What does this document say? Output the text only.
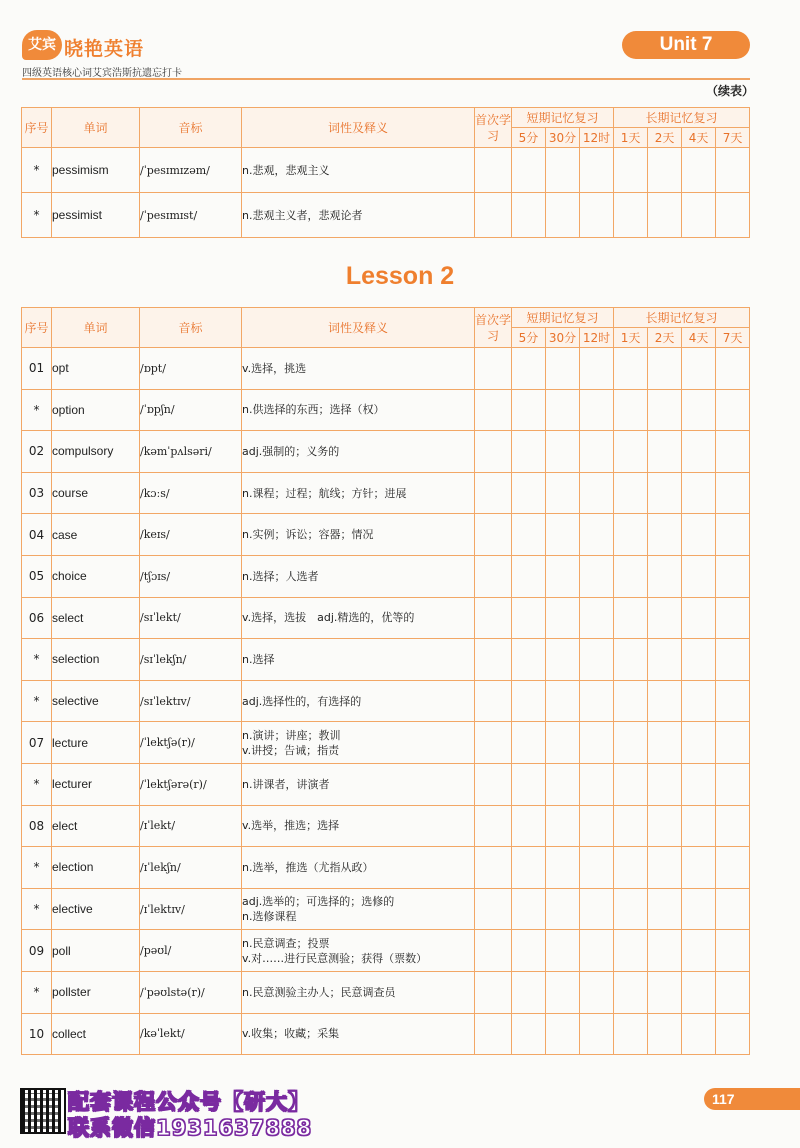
艾宾 晓艳英语
四级英语核心词艾宾浩斯抗遗忘打卡
Unit 7
（续表）
序号	单词	音标	词性及释义	首次学习	短期记忆复习			长期记忆复习			
					5分	30分	12时	1天	2天	4天	7天
*	pessimism	/ˈpesɪmɪzəm/	n.悲观，悲观主义								

*	pessimist	/ˈpesɪmɪst/	n.悲观主义者，悲观论者								

Lesson 2
序号	单词	音标	词性及释义	首次学习	短期记忆复习			长期记忆复习			
					5分	30分	12时	1天	2天	4天	7天
01	opt	/ɒpt/	v.选择，挑选								

*	option	/ˈɒpʃn/	n.供选择的东西；选择（权）								

02	compulsory	/kəmˈpʌlsəri/	adj.强制的；义务的								

03	course	/kɔːs/	n.课程；过程；航线；方针；进展								

04	case	/keɪs/	n.实例；诉讼；容器；情况								

05	choice	/tʃɔɪs/	n.选择；人选者								

06	select	/sɪˈlekt/	v.选择，选拔　adj.精选的，优等的								

*	selection	/sɪˈlekʃn/	n.选择								

*	selective	/sɪˈlektɪv/	adj.选择性的，有选择的								

07	lecture	/ˈlektʃə(r)/	n.演讲；讲座；教训
v.讲授；告诫；指责								

*	lecturer	/ˈlektʃərə(r)/	n.讲课者，讲演者								

08	elect	/ɪˈlekt/	v.选举，推选；选择								

*	election	/ɪˈlekʃn/	n.选举，推选（尤指从政）								

*	elective	/ɪˈlektɪv/	adj.选举的；可选择的；选修的
n.选修课程								

09	poll	/pəʊl/	n.民意调查；投票
v.对……进行民意测验；获得（票数）								

*	pollster	/ˈpəʊlstə(r)/	n.民意测验主办人；民意调查员								

10	collect	/kəˈlekt/	v.收集；收藏；采集								

配套课程公众号【研大】
联系微信1931637888
117
